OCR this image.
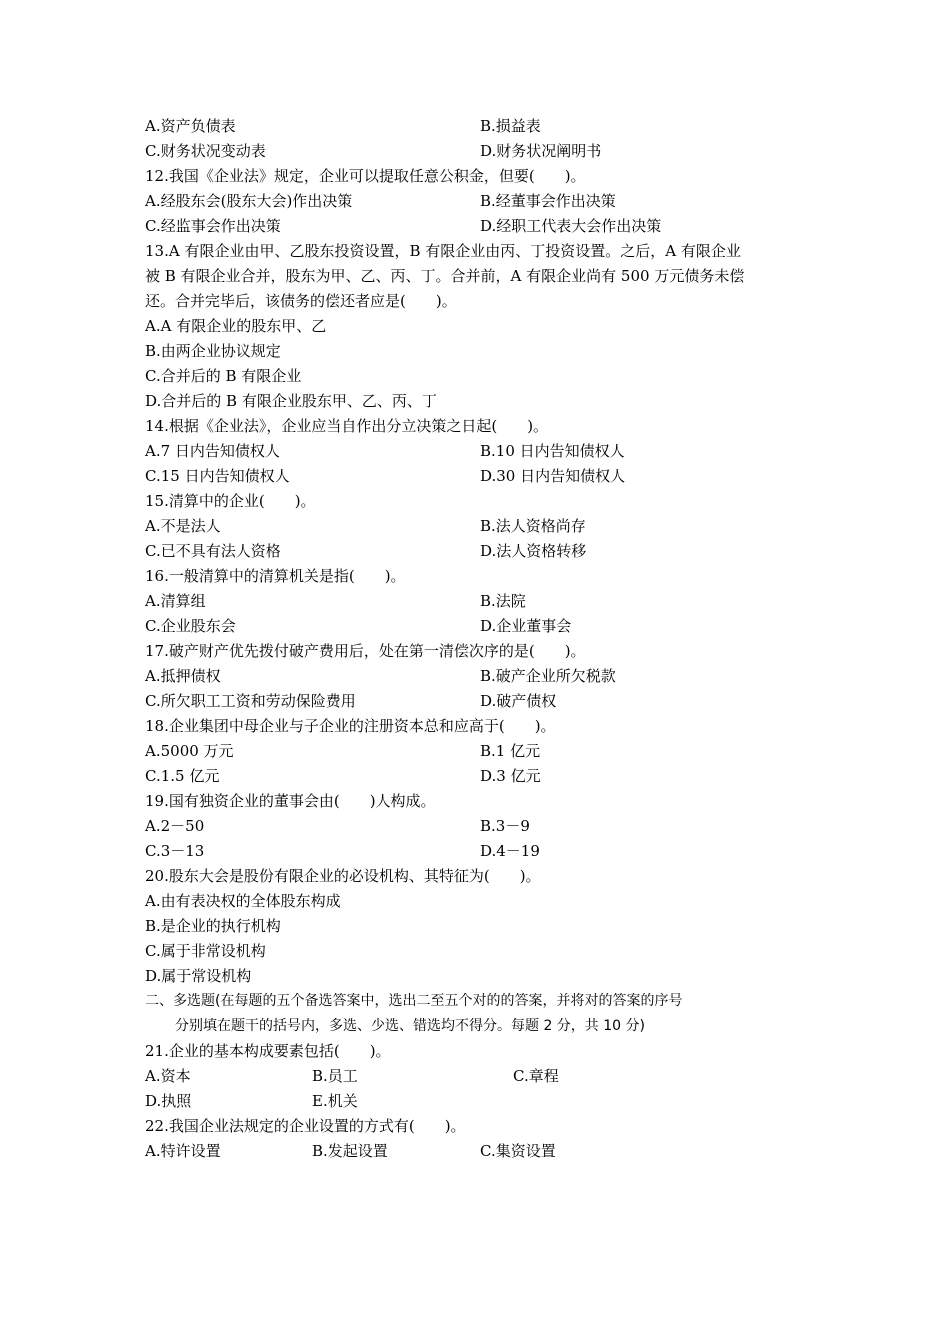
A.资产负债表	B.损益表
C.财务状况变动表	D.财务状况阐明书
12.我国《企业法》规定，企业可以提取任意公积金，但要(　　)。
A.经股东会(股东大会)作出决策	B.经董事会作出决策
C.经监事会作出决策	D.经职工代表大会作出决策
13.A 有限企业由甲、乙股东投资设置，B 有限企业由丙、丁投资设置。之后，A 有限企业
被 B 有限企业合并，股东为甲、乙、丙、丁。合并前，A 有限企业尚有 500 万元债务未偿
还。合并完毕后，该债务的偿还者应是(　　)。
A.A 有限企业的股东甲、乙
B.由两企业协议规定
C.合并后的 B 有限企业
D.合并后的 B 有限企业股东甲、乙、丙、丁
14.根据《企业法》，企业应当自作出分立决策之日起(　　)。
A.7 日内告知债权人	B.10 日内告知债权人
C.15 日内告知债权人	D.30 日内告知债权人
15.清算中的企业(　　)。
A.不是法人	B.法人资格尚存
C.已不具有法人资格	D.法人资格转移
16.一般清算中的清算机关是指(　　)。
A.清算组	B.法院
C.企业股东会	D.企业董事会
17.破产财产优先拨付破产费用后，处在第一清偿次序的是(　　)。
A.抵押债权	B.破产企业所欠税款
C.所欠职工工资和劳动保险费用	D.破产债权
18.企业集团中母企业与子企业的注册资本总和应高于(　　)。
A.5000 万元	B.1 亿元
C.1.5 亿元	D.3 亿元
19.国有独资企业的董事会由(　　)人构成。
A.2－50	B.3－9
C.3－13	D.4－19
20.股东大会是股份有限企业的必设机构、其特征为(　　)。
A.由有表决权的全体股东构成
B.是企业的执行机构
C.属于非常设机构
D.属于常设机构
二、多选题(在每题的五个备选答案中，选出二至五个对的的答案，并将对的答案的序号
分别填在题干的括号内，多选、少选、错选均不得分。每题 2 分，共 10 分)
21.企业的基本构成要素包括(　　)。
A.资本	B.员工	C.章程
D.执照	E.机关
22.我国企业法规定的企业设置的方式有(　　)。
A.特许设置	B.发起设置	C.集资设置
